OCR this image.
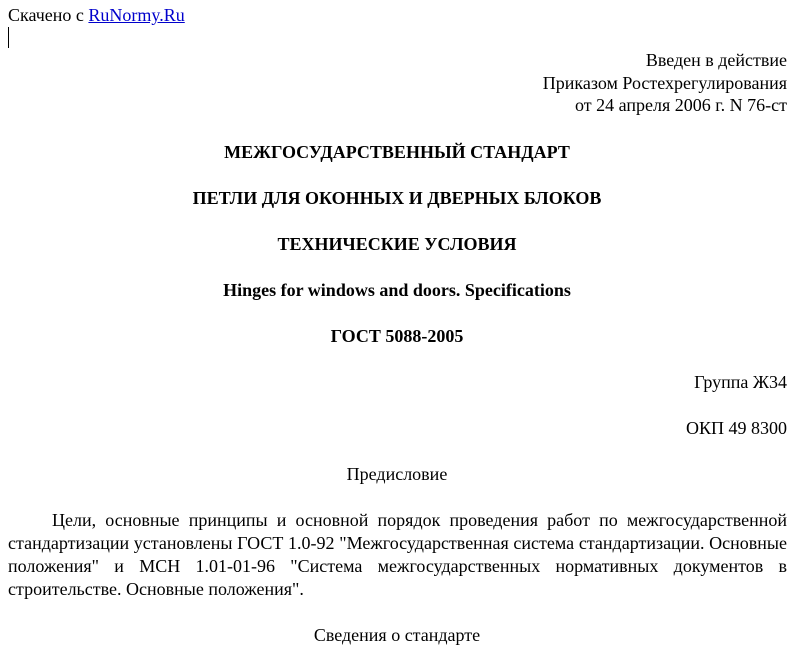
Скачено с RuNormy.Ru
Введен в действие
Приказом Ростехрегулирования
от 24 апреля 2006 г. N 76-ст
МЕЖГОСУДАРСТВЕННЫЙ СТАНДАРТ
ПЕТЛИ ДЛЯ ОКОННЫХ И ДВЕРНЫХ БЛОКОВ
ТЕХНИЧЕСКИЕ УСЛОВИЯ
Hinges for windows and doors. Specifications
ГОСТ 5088-2005
Группа Ж34
ОКП 49 8300
Предисловие
Цели, основные принципы и основной порядок проведения работ по межгосударственной стандартизации установлены ГОСТ 1.0-92 "Межгосударственная система стандартизации. Основные положения" и МСН 1.01-01-96 "Система межгосударственных нормативных документов в строительстве. Основные положения".
Сведения о стандарте
